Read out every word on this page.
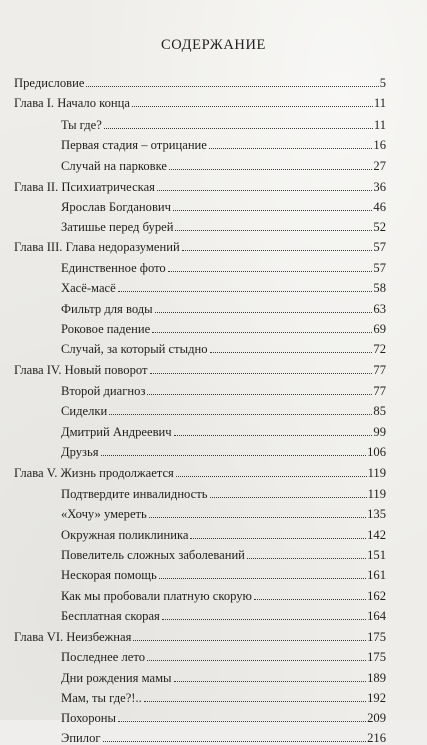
СОДЕРЖАНИЕ
Предисловие	5
Глава I. Начало конца	11
Ты где?	11
Первая стадия – отрицание	16
Случай на парковке	27
Глава II. Психиатрическая	36
Ярослав Богданович	46
Затишье перед бурей	52
Глава III. Глава недоразумений	57
Единственное фото	57
Хасё-масё	58
Фильтр для воды	63
Роковое падение	69
Случай, за который стыдно	72
Глава IV. Новый поворот	77
Второй диагноз	77
Сиделки	85
Дмитрий Андреевич	99
Друзья	106
Глава V. Жизнь продолжается	119
Подтвердите инвалидность	119
«Хочу» умереть	135
Окружная поликлиника	142
Повелитель сложных заболеваний	151
Нескорая помощь	161
Как мы пробовали платную скорую	162
Бесплатная скорая	164
Глава VI. Неизбежная	175
Последнее лето	175
Дни рождения мамы	189
Мам, ты где?!..	192
Похороны	209
Эпилог	216
